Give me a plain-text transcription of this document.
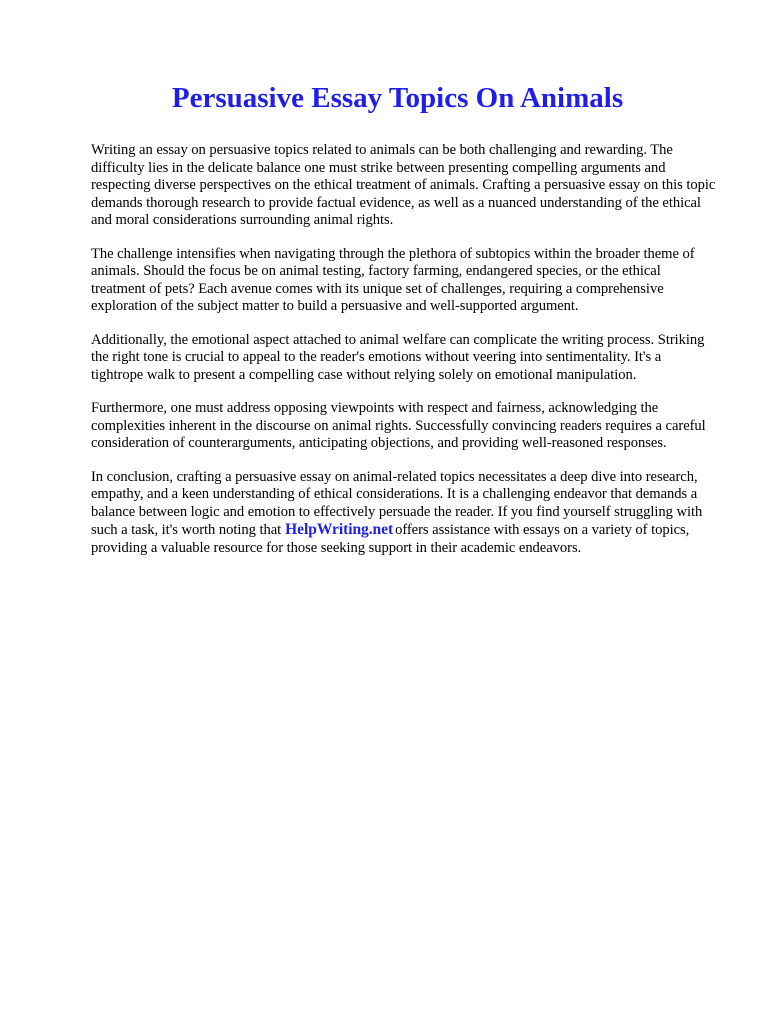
Persuasive Essay Topics On Animals

Writing an essay on persuasive topics related to animals can be both challenging and rewarding. The difficulty lies in the delicate balance one must strike between presenting compelling arguments and respecting diverse perspectives on the ethical treatment of animals. Crafting a persuasive essay on this topic demands thorough research to provide factual evidence, as well as a nuanced understanding of the ethical and moral considerations surrounding animal rights.

The challenge intensifies when navigating through the plethora of subtopics within the broader theme of animals. Should the focus be on animal testing, factory farming, endangered species, or the ethical treatment of pets? Each avenue comes with its unique set of challenges, requiring a comprehensive exploration of the subject matter to build a persuasive and well-supported argument.

Additionally, the emotional aspect attached to animal welfare can complicate the writing process. Striking the right tone is crucial to appeal to the reader's emotions without veering into sentimentality. It's a tightrope walk to present a compelling case without relying solely on emotional manipulation.

Furthermore, one must address opposing viewpoints with respect and fairness, acknowledging the complexities inherent in the discourse on animal rights. Successfully convincing readers requires a careful consideration of counterarguments, anticipating objections, and providing well-reasoned responses.

In conclusion, crafting a persuasive essay on animal-related topics necessitates a deep dive into research, empathy, and a keen understanding of ethical considerations. It is a challenging endeavor that demands a balance between logic and emotion to effectively persuade the reader. If you find yourself struggling with such a task, it's worth noting that HelpWriting.net offers assistance with essays on a variety of topics, providing a valuable resource for those seeking support in their academic endeavors.
